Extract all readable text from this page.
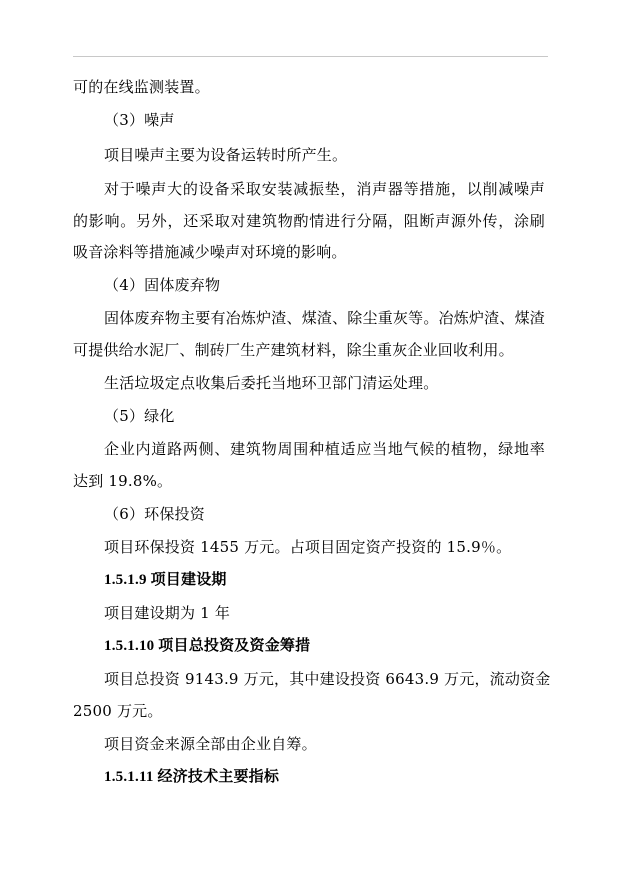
可的在线监测装置。
（3）噪声
项目噪声主要为设备运转时所产生。
对于噪声大的设备采取安装减振垫，消声器等措施，以削减噪声
的影响。另外，还采取对建筑物酌情进行分隔，阻断声源外传，涂刷
吸音涂料等措施减少噪声对环境的影响。
（4）固体废弃物
固体废弃物主要有冶炼炉渣、煤渣、除尘重灰等。冶炼炉渣、煤渣
可提供给水泥厂、制砖厂生产建筑材料，除尘重灰企业回收利用。
生活垃圾定点收集后委托当地环卫部门清运处理。
（5）绿化
企业内道路两侧、建筑物周围种植适应当地气候的植物，绿地率
达到 19.8%。
（6）环保投资
项目环保投资 1455 万元。占项目固定资产投资的 15.9％。
1.5.1.9 项目建设期
项目建设期为 1 年
1.5.1.10 项目总投资及资金筹措
项目总投资 9143.9 万元，其中建设投资 6643.9 万元，流动资金
2500 万元。
项目资金来源全部由企业自筹。
1.5.1.11 经济技术主要指标
